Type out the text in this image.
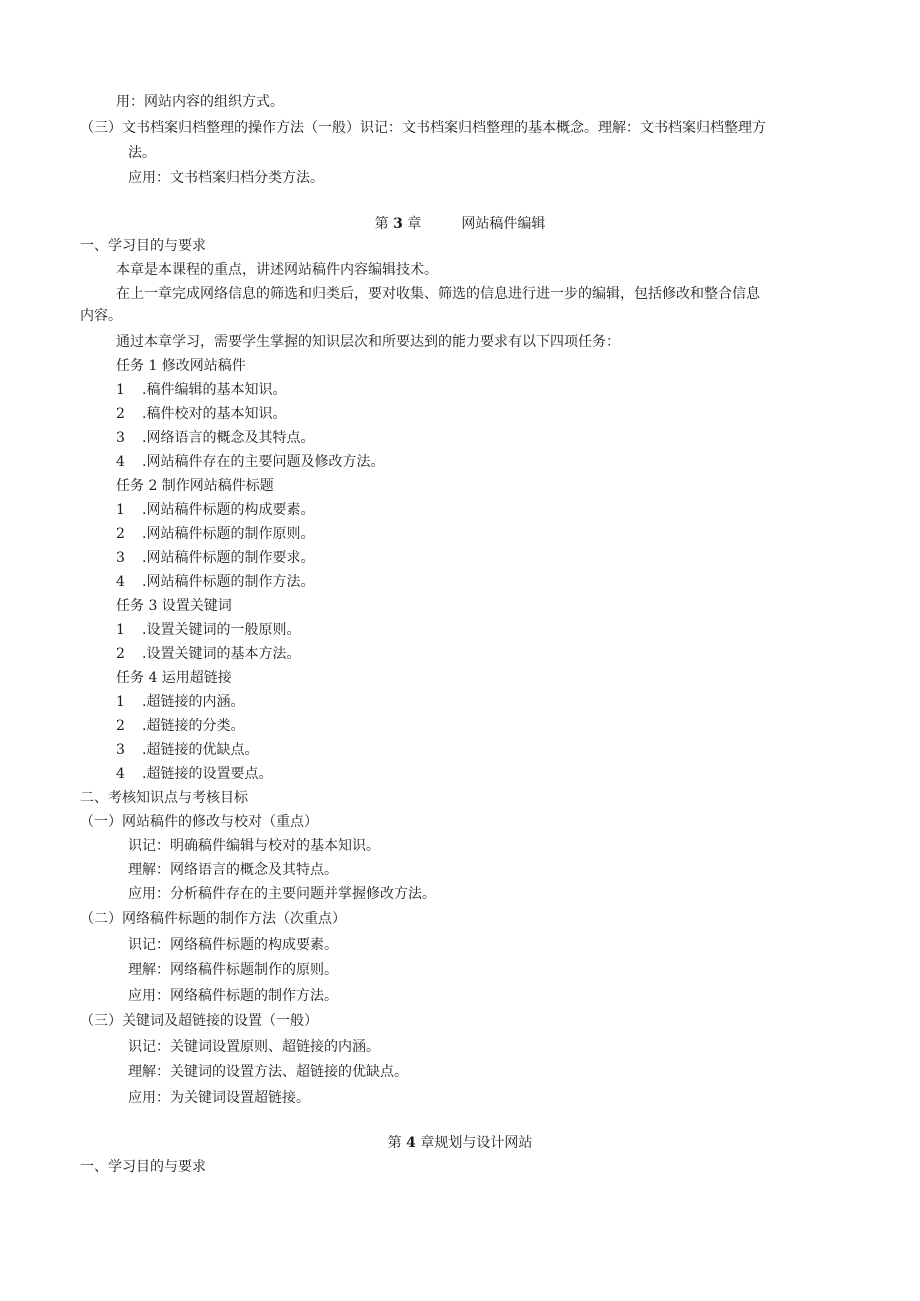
用：网站内容的组织方式。
（三）文书档案归档整理的操作方法（一般）识记：文书档案归档整理的基本概念。理解：文书档案归档整理方
法。
应用：文书档案归档分类方法。
第 3 章	网站稿件编辑
一、学习目的与要求
本章是本课程的重点，讲述网站稿件内容编辑技术。
在上一章完成网络信息的筛选和归类后，要对收集、筛选的信息进行进一步的编辑，包括修改和整合信息
内容。
通过本章学习，需要学生掌握的知识层次和所要达到的能力要求有以下四项任务：
任务 1 修改网站稿件
1 .稿件编辑的基本知识。
2 .稿件校对的基本知识。
3 .网络语言的概念及其特点。
4 .网站稿件存在的主要问题及修改方法。
任务 2 制作网站稿件标题
1 .网站稿件标题的构成要素。
2 .网站稿件标题的制作原则。
3 .网站稿件标题的制作要求。
4 .网站稿件标题的制作方法。
任务 3 设置关键词
1 .设置关键词的一般原则。
2 .设置关键词的基本方法。
任务 4 运用超链接
1 .超链接的内涵。
2 .超链接的分类。
3 .超链接的优缺点。
4 .超链接的设置要点。
二、考核知识点与考核目标
（一）网站稿件的修改与校对（重点）
识记：明确稿件编辑与校对的基本知识。
理解：网络语言的概念及其特点。
应用：分析稿件存在的主要问题并掌握修改方法。
（二）网络稿件标题的制作方法（次重点）
识记：网络稿件标题的构成要素。
理解：网络稿件标题制作的原则。
应用：网络稿件标题的制作方法。
（三）关键词及超链接的设置（一般）
识记：关键词设置原则、超链接的内涵。
理解：关键词的设置方法、超链接的优缺点。
应用：为关键词设置超链接。
第 4 章规划与设计网站
一、学习目的与要求
